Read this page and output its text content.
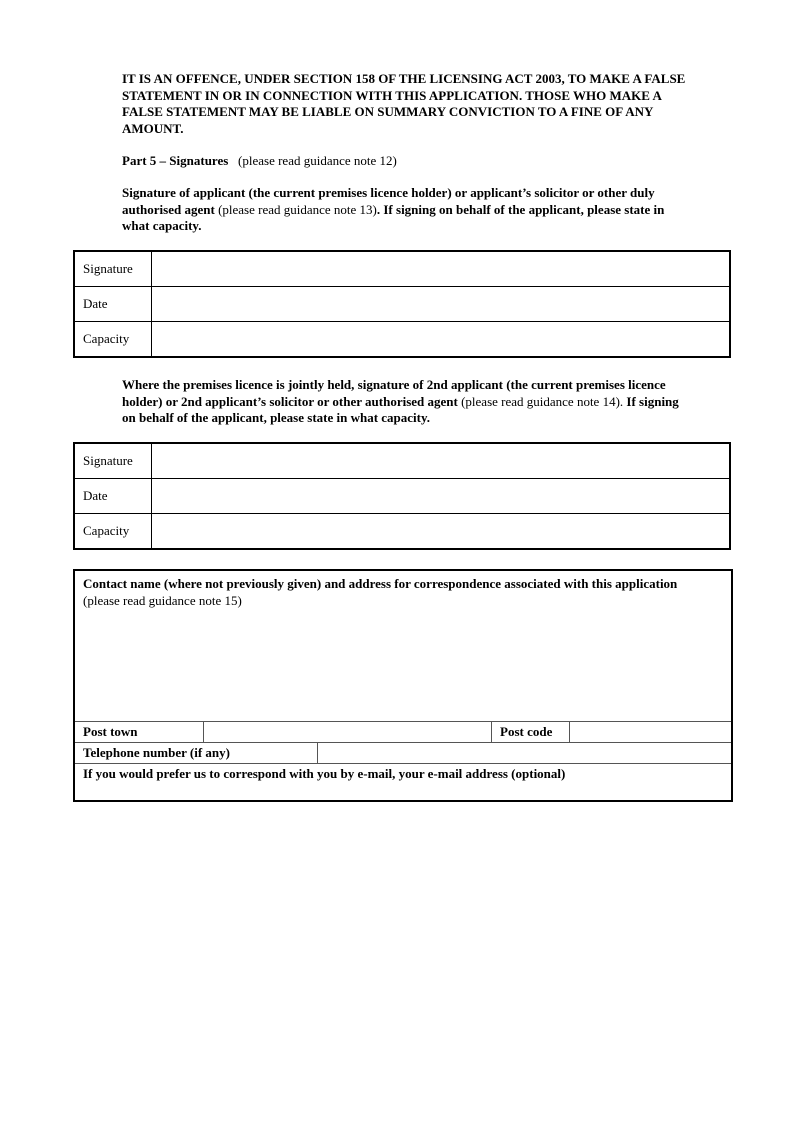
IT IS AN OFFENCE, UNDER SECTION 158 OF THE LICENSING ACT 2003, TO MAKE A FALSE STATEMENT IN OR IN CONNECTION WITH THIS APPLICATION. THOSE WHO MAKE A FALSE STATEMENT MAY BE LIABLE ON SUMMARY CONVICTION TO A FINE OF ANY AMOUNT.
Part 5 – Signatures (please read guidance note 12)
Signature of applicant (the current premises licence holder) or applicant’s solicitor or other duly authorised agent (please read guidance note 13). If signing on behalf of the applicant, please state in what capacity.
Signature	
Date	
Capacity	
Where the premises licence is jointly held, signature of 2nd applicant (the current premises licence holder) or 2nd applicant’s solicitor or other authorised agent (please read guidance note 14). If signing on behalf of the applicant, please state in what capacity.
Signature	
Date	
Capacity	
Contact name (where not previously given) and address for correspondence associated with this application (please read guidance note 15)
Post town	Post code
Telephone number (if any)
If you would prefer us to correspond with you by e-mail, your e-mail address (optional)
